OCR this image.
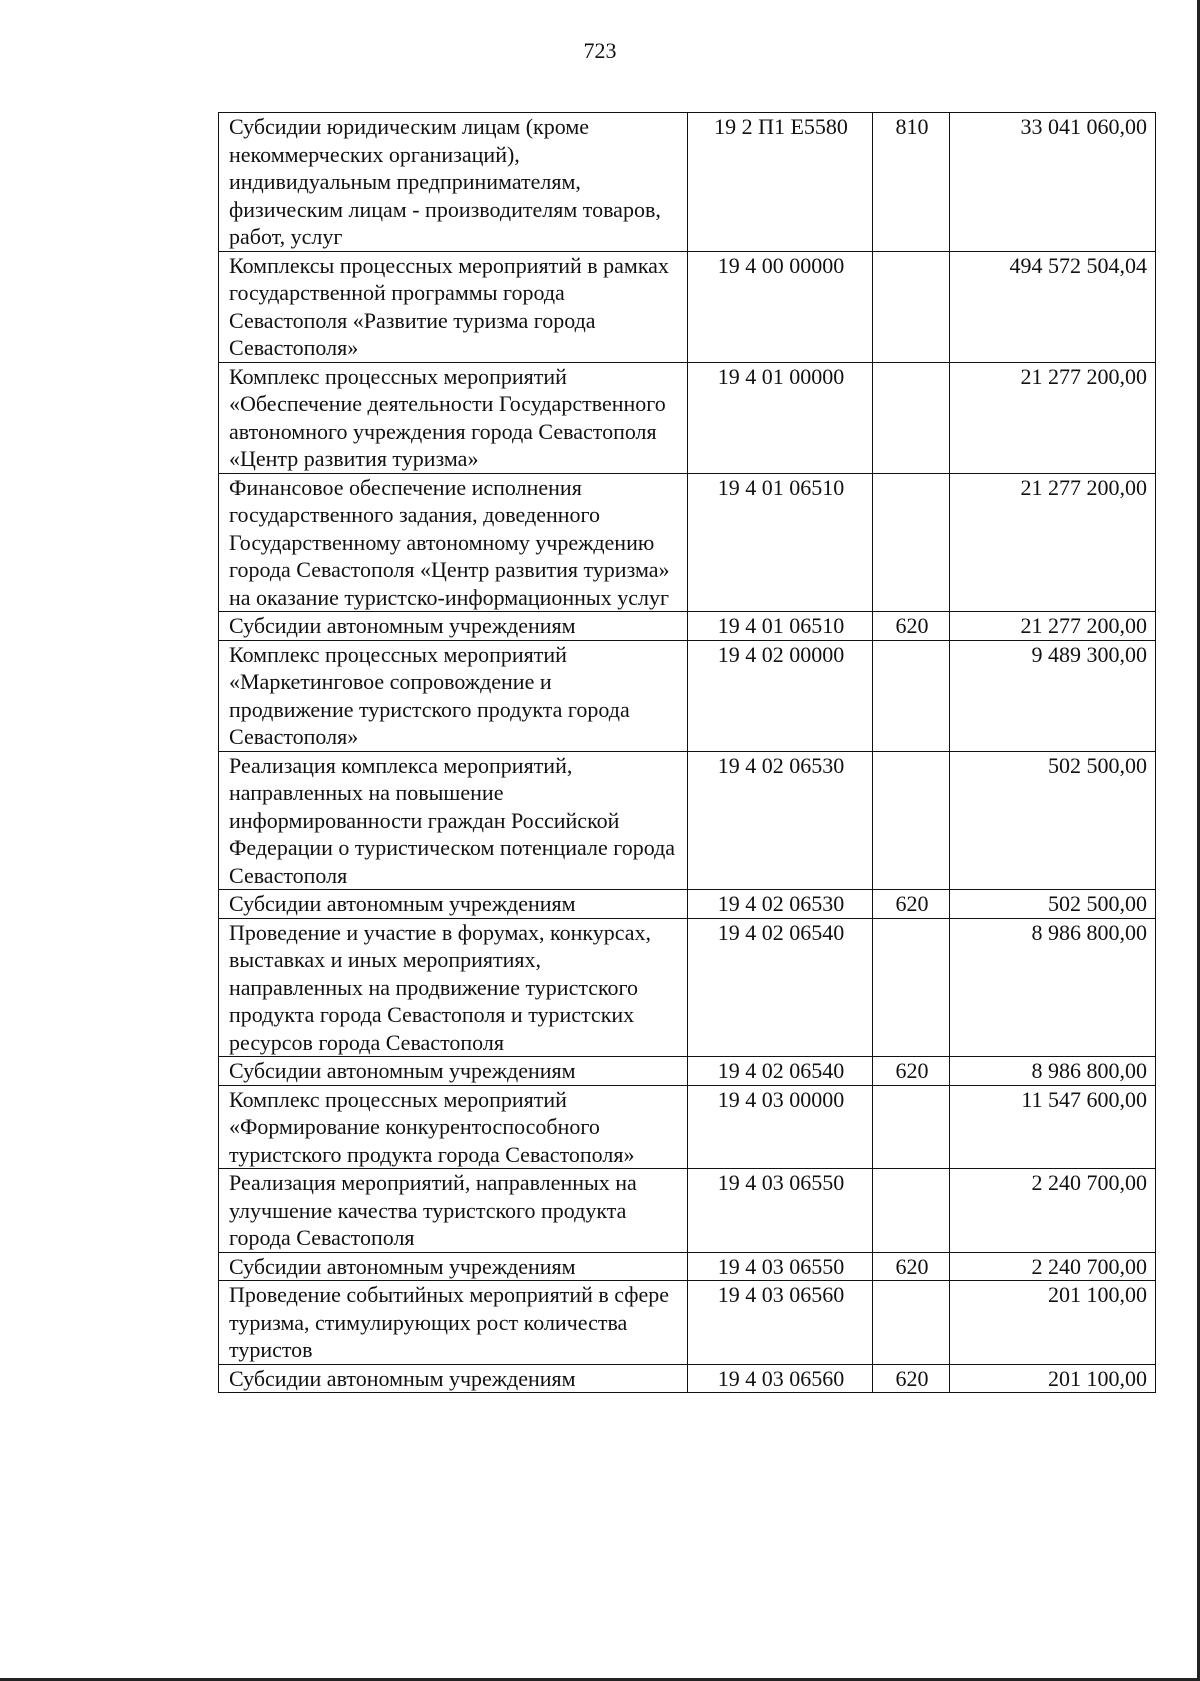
723
Субсидии юридическим лицам (кроме некоммерческих организаций), индивидуальным предпринимателям, физическим лицам - производителям товаров, работ, услуг	19 2 П1 Е5580	810	33 041 060,00
Комплексы процессных мероприятий в рамках государственной программы города Севастополя «Развитие туризма города Севастополя»	19 4 00 00000		494 572 504,04
Комплекс процессных мероприятий «Обеспечение деятельности Государственного автономного учреждения города Севастополя «Центр развития туризма»	19 4 01 00000		21 277 200,00
Финансовое обеспечение исполнения государственного задания, доведенного Государственному автономному учреждению города Севастополя «Центр развития туризма» на оказание туристско-информационных услуг	19 4 01 06510		21 277 200,00
Субсидии автономным учреждениям	19 4 01 06510	620	21 277 200,00
Комплекс процессных мероприятий «Маркетинговое сопровождение и продвижение туристского продукта города Севастополя»	19 4 02 00000		9 489 300,00
Реализация комплекса мероприятий, направленных на повышение информированности граждан Российской Федерации о туристическом потенциале города Севастополя	19 4 02 06530		502 500,00
Субсидии автономным учреждениям	19 4 02 06530	620	502 500,00
Проведение и участие в форумах, конкурсах, выставках и иных мероприятиях, направленных на продвижение туристского продукта города Севастополя и туристских ресурсов города Севастополя	19 4 02 06540		8 986 800,00
Субсидии автономным учреждениям	19 4 02 06540	620	8 986 800,00
Комплекс процессных мероприятий «Формирование конкурентоспособного туристского продукта города Севастополя»	19 4 03 00000		11 547 600,00
Реализация мероприятий, направленных на улучшение качества туристского продукта города Севастополя	19 4 03 06550		2 240 700,00
Субсидии автономным учреждениям	19 4 03 06550	620	2 240 700,00
Проведение событийных мероприятий в сфере туризма, стимулирующих рост количества туристов	19 4 03 06560		201 100,00
Субсидии автономным учреждениям	19 4 03 06560	620	201 100,00
